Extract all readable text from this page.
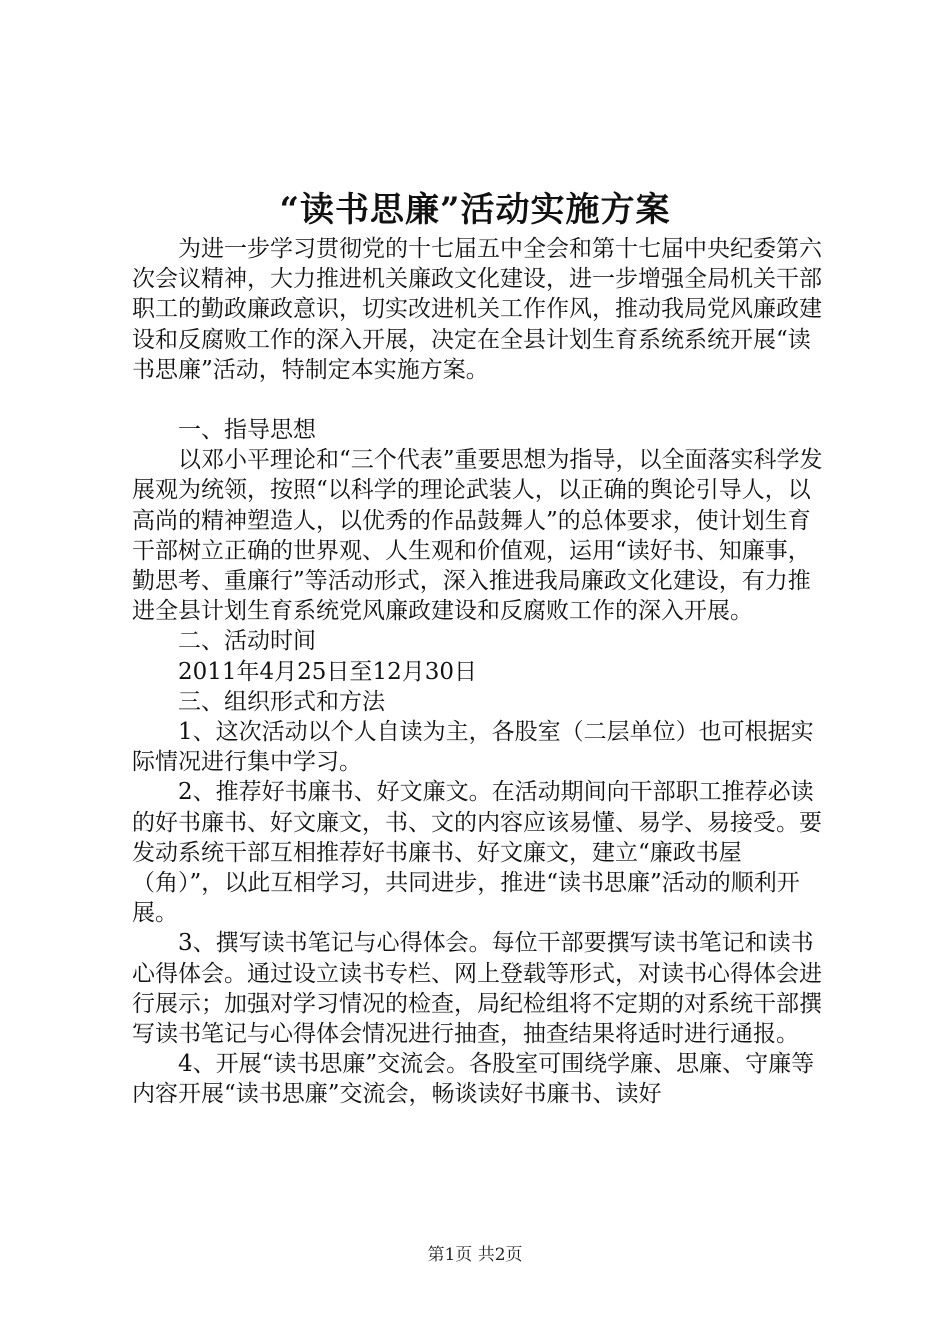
“读书思廉”活动实施方案

为进一步学习贯彻党的十七届五中全会和第十七届中央纪委第六次会议精神，大力推进机关廉政文化建设，进一步增强全局机关干部职工的勤政廉政意识，切实改进机关工作作风，推动我局党风廉政建设和反腐败工作的深入开展，决定在全县计划生育系统系统开展“读书思廉”活动，特制定本实施方案。

一、指导思想

以邓小平理论和“三个代表”重要思想为指导，以全面落实科学发展观为统领，按照“以科学的理论武装人，以正确的舆论引导人，以高尚的精神塑造人，以优秀的作品鼓舞人”的总体要求，使计划生育干部树立正确的世界观、人生观和价值观，运用“读好书、知廉事，勤思考、重廉行”等活动形式，深入推进我局廉政文化建设，有力推进全县计划生育系统党风廉政建设和反腐败工作的深入开展。

二、活动时间

2011年4月25日至12月30日

三、组织形式和方法

1、这次活动以个人自读为主，各股室（二层单位）也可根据实际情况进行集中学习。

2、推荐好书廉书、好文廉文。在活动期间向干部职工推荐必读的好书廉书、好文廉文，书、文的内容应该易懂、易学、易接受。要发动系统干部互相推荐好书廉书、好文廉文，建立“廉政书屋（角）”，以此互相学习，共同进步，推进“读书思廉”活动的顺利开展。

3、撰写读书笔记与心得体会。每位干部要撰写读书笔记和读书心得体会。通过设立读书专栏、网上登载等形式，对读书心得体会进行展示；加强对学习情况的检查，局纪检组将不定期的对系统干部撰写读书笔记与心得体会情况进行抽查，抽查结果将适时进行通报。

4、开展“读书思廉”交流会。各股室可围绕学廉、思廉、守廉等内容开展“读书思廉”交流会，畅谈读好书廉书、读好

第1页 共2页
